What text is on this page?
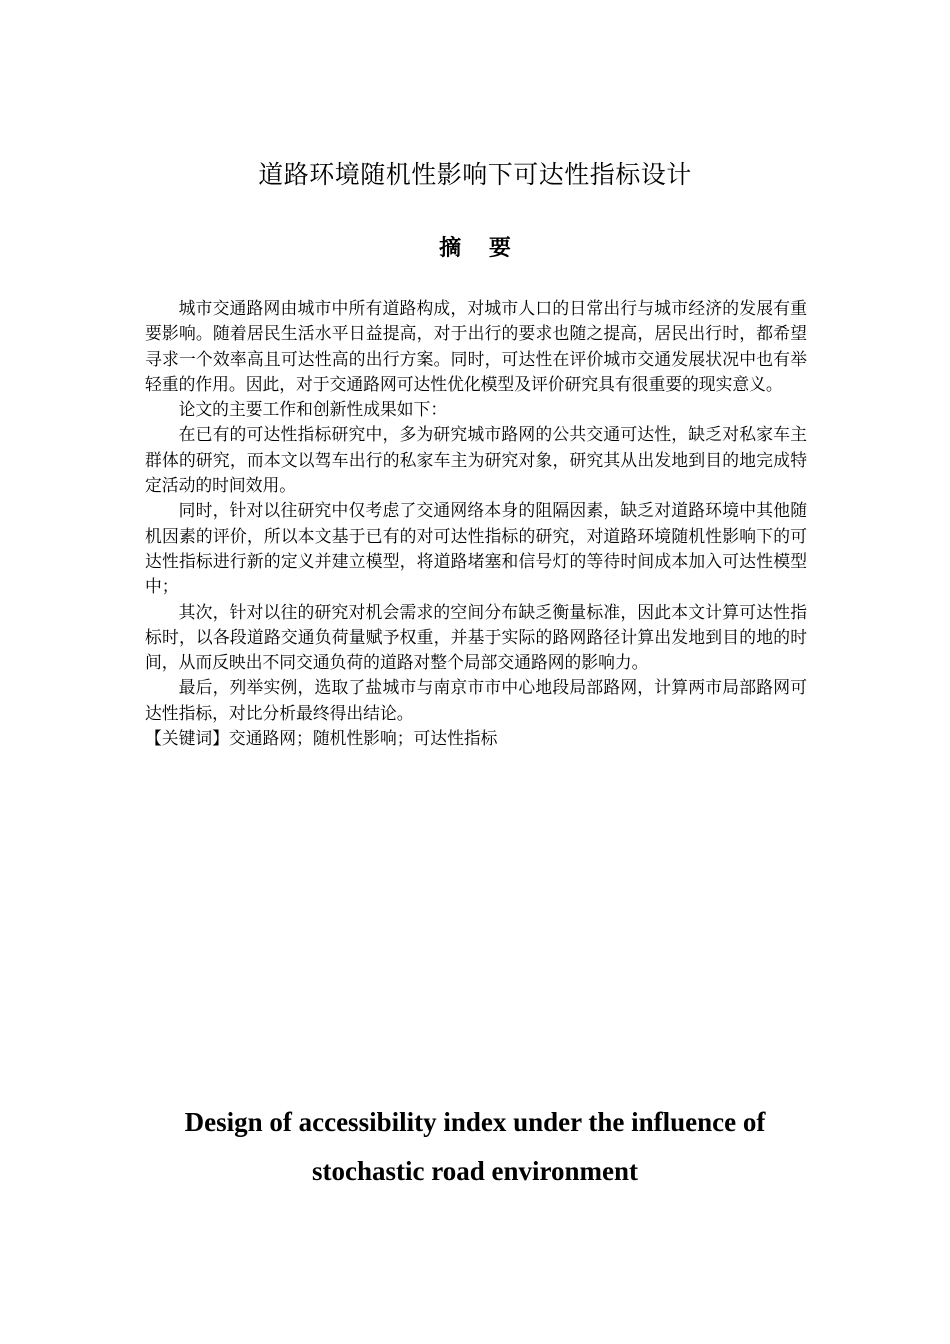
道路环境随机性影响下可达性指标设计
摘 要

城市交通路网由城市中所有道路构成，对城市人口的日常出行与城市经济的发展有重要影响。随着居民生活水平日益提高，对于出行的要求也随之提高，居民出行时，都希望寻求一个效率高且可达性高的出行方案。同时，可达性在评价城市交通发展状况中也有举轻重的作用。因此，对于交通路网可达性优化模型及评价研究具有很重要的现实意义。

论文的主要工作和创新性成果如下：

在已有的可达性指标研究中，多为研究城市路网的公共交通可达性，缺乏对私家车主群体的研究，而本文以驾车出行的私家车主为研究对象，研究其从出发地到目的地完成特定活动的时间效用。

同时，针对以往研究中仅考虑了交通网络本身的阻隔因素，缺乏对道路环境中其他随机因素的评价，所以本文基于已有的对可达性指标的研究，对道路环境随机性影响下的可达性指标进行新的定义并建立模型，将道路堵塞和信号灯的等待时间成本加入可达性模型中；

其次，针对以往的研究对机会需求的空间分布缺乏衡量标准，因此本文计算可达性指标时，以各段道路交通负荷量赋予权重，并基于实际的路网路径计算出发地到目的地的时间，从而反映出不同交通负荷的道路对整个局部交通路网的影响力。

最后，列举实例，选取了盐城市与南京市市中心地段局部路网，计算两市局部路网可达性指标，对比分析最终得出结论。

【关键词】交通路网；随机性影响；可达性指标

Design of accessibility index under the influence of
stochastic road environment
